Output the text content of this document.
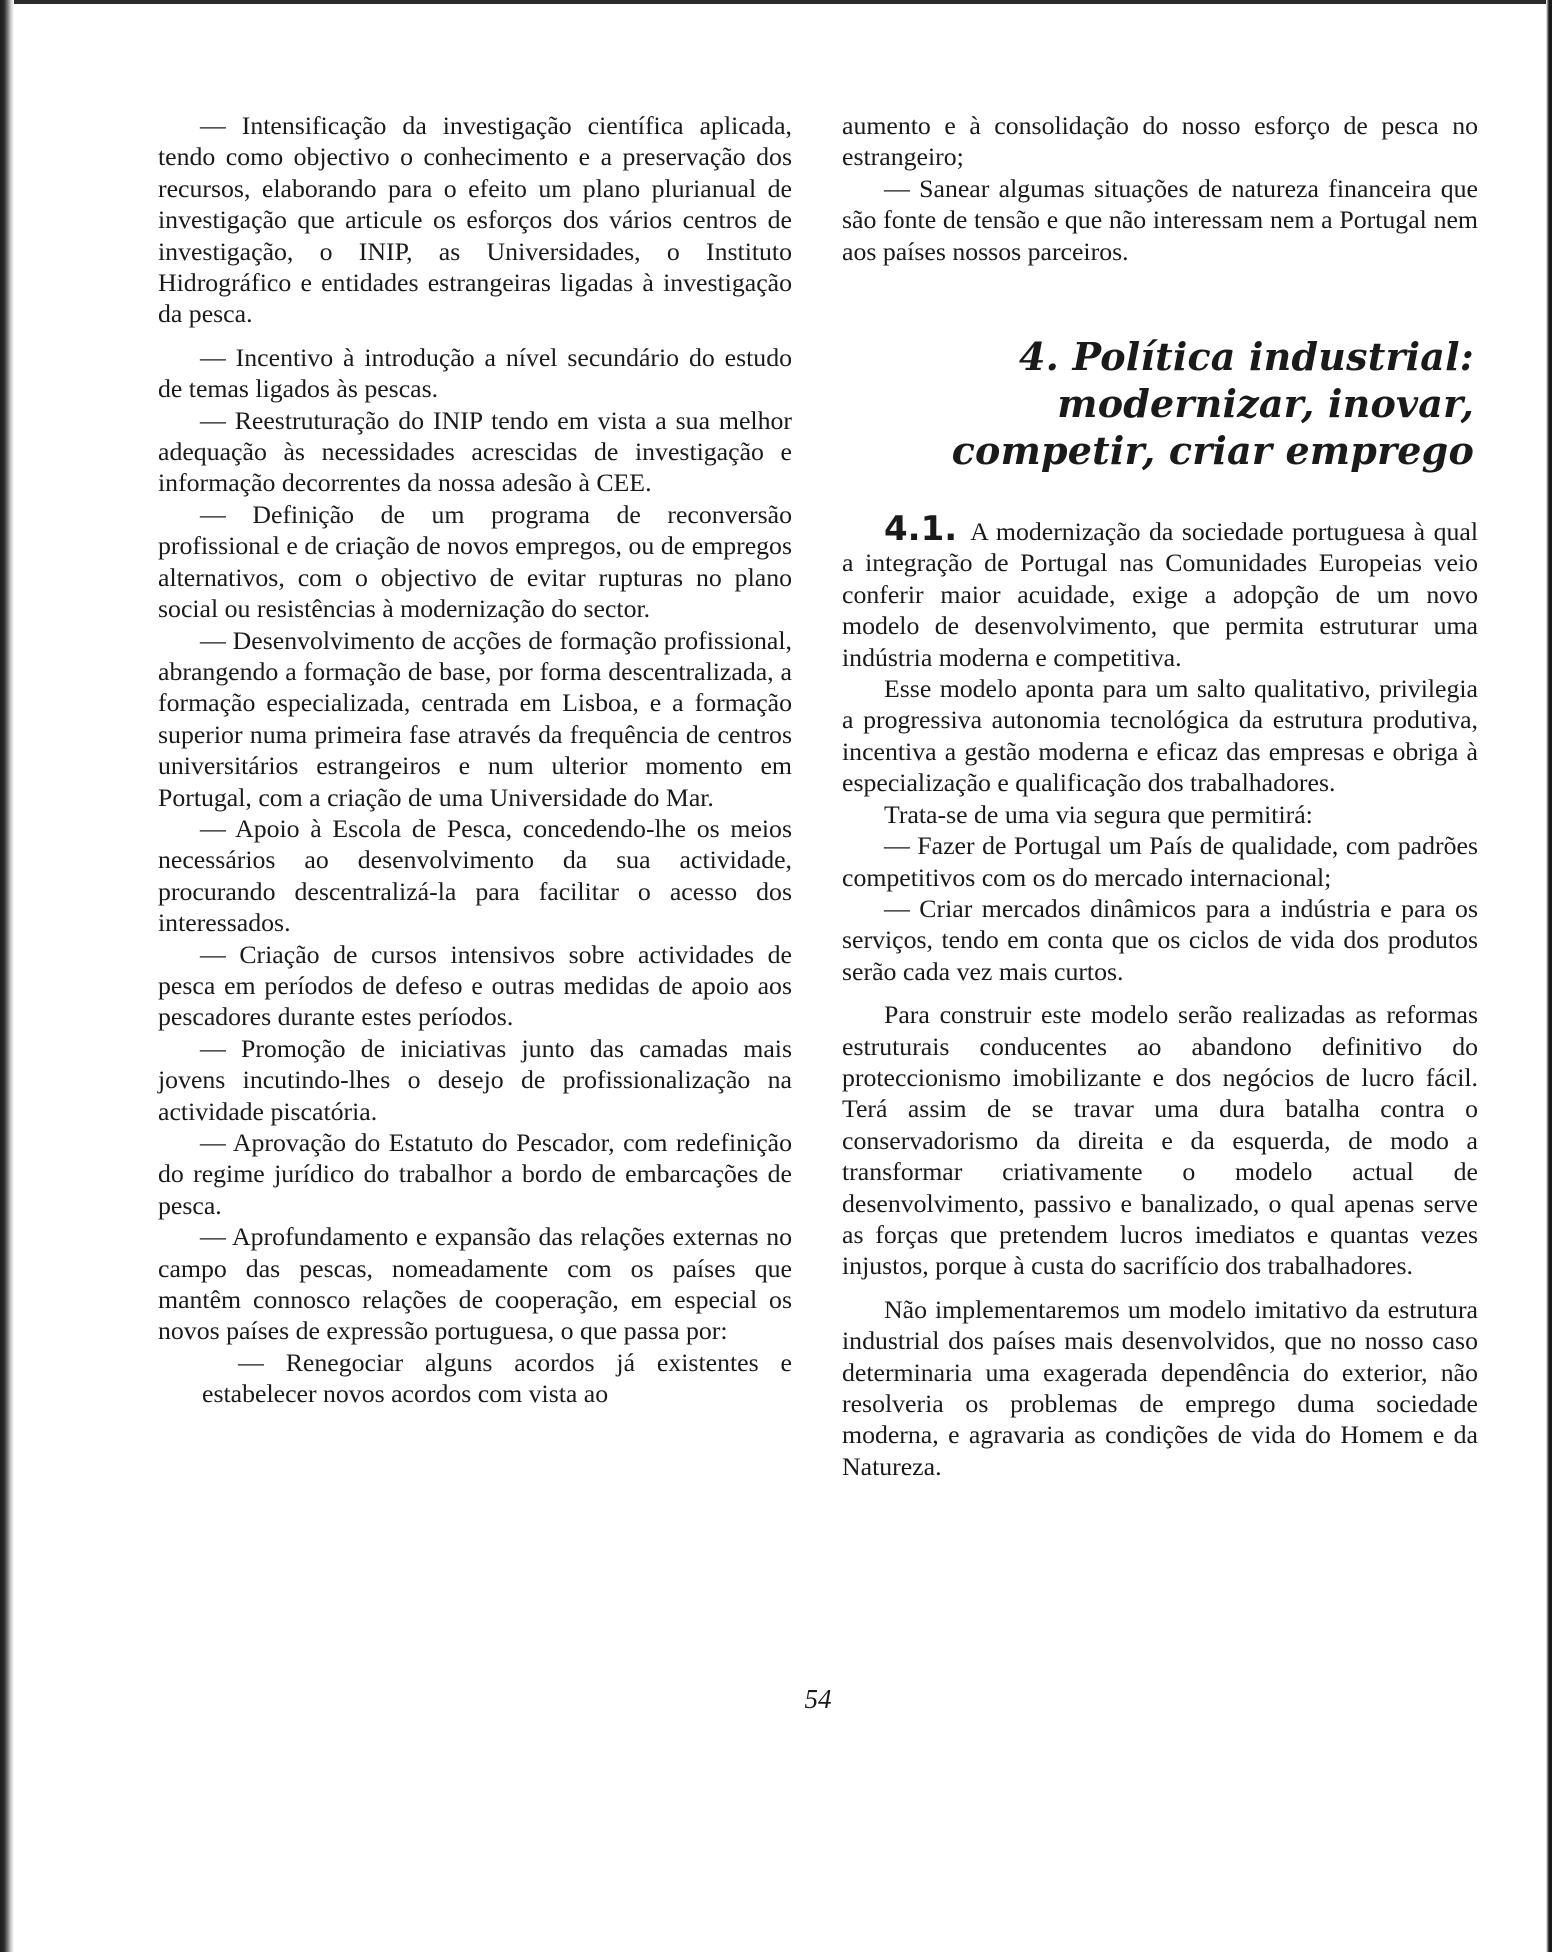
— Intensificação da investigação científica aplicada, tendo como objectivo o conhecimento e a preservação dos recursos, elaborando para o efeito um plano plurianual de investigação que articule os esforços dos vários centros de investigação, o INIP, as Universidades, o Instituto Hidrográfico e entidades estrangeiras ligadas à investigação da pesca.

— Incentivo à introdução a nível secundário do estudo de temas ligados às pescas.

— Reestruturação do INIP tendo em vista a sua melhor adequação às necessidades acrescidas de investigação e informação decorrentes da nossa adesão à CEE.

— Definição de um programa de reconversão profissional e de criação de novos empregos, ou de empregos alternativos, com o objectivo de evitar rupturas no plano social ou resistências à modernização do sector.

— Desenvolvimento de acções de formação profissional, abrangendo a formação de base, por forma descentralizada, a formação especializada, centrada em Lisboa, e a formação superior numa primeira fase através da frequência de centros universitários estrangeiros e num ulterior momento em Portugal, com a criação de uma Universidade do Mar.

— Apoio à Escola de Pesca, concedendo-lhe os meios necessários ao desenvolvimento da sua actividade, procurando descentralizá-la para facilitar o acesso dos interessados.

— Criação de cursos intensivos sobre actividades de pesca em períodos de defeso e outras medidas de apoio aos pescadores durante estes períodos.

— Promoção de iniciativas junto das camadas mais jovens incutindo-lhes o desejo de profissionalização na actividade piscatória.

— Aprovação do Estatuto do Pescador, com redefinição do regime jurídico do trabalhor a bordo de embarcações de pesca.

— Aprofundamento e expansão das relações externas no campo das pescas, nomeadamente com os países que mantêm connosco relações de cooperação, em especial os novos países de expressão portuguesa, o que passa por:

— Renegociar alguns acordos já existentes e estabelecer novos acordos com vista ao

aumento e à consolidação do nosso esforço de pesca no estrangeiro;

— Sanear algumas situações de natureza financeira que são fonte de tensão e que não interessam nem a Portugal nem aos países nossos parceiros.

4. Política industrial: modernizar, inovar, competir, criar emprego

4.1. A modernização da sociedade portuguesa à qual a integração de Portugal nas Comunidades Europeias veio conferir maior acuidade, exige a adopção de um novo modelo de desenvolvimento, que permita estruturar uma indústria moderna e competitiva.

Esse modelo aponta para um salto qualitativo, privilegia a progressiva autonomia tecnológica da estrutura produtiva, incentiva a gestão moderna e eficaz das empresas e obriga à especialização e qualificação dos trabalhadores.

Trata-se de uma via segura que permitirá:

— Fazer de Portugal um País de qualidade, com padrões competitivos com os do mercado internacional;

— Criar mercados dinâmicos para a indústria e para os serviços, tendo em conta que os ciclos de vida dos produtos serão cada vez mais curtos.

Para construir este modelo serão realizadas as reformas estruturais conducentes ao abandono definitivo do proteccionismo imobilizante e dos negócios de lucro fácil. Terá assim de se travar uma dura batalha contra o conservadorismo da direita e da esquerda, de modo a transformar criativamente o modelo actual de desenvolvimento, passivo e banalizado, o qual apenas serve as forças que pretendem lucros imediatos e quantas vezes injustos, porque à custa do sacrifício dos trabalhadores.

Não implementaremos um modelo imitativo da estrutura industrial dos países mais desenvolvidos, que no nosso caso determinaria uma exagerada dependência do exterior, não resolveria os problemas de emprego duma sociedade moderna, e agravaria as condições de vida do Homem e da Natureza.

54
